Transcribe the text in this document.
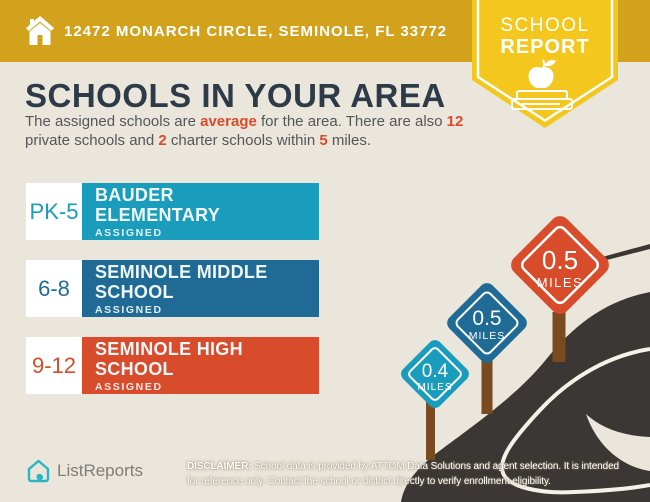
12472 MONARCH CIRCLE, SEMINOLE, FL 33772	SCHOOL
REPORT
SCHOOLS IN YOUR AREA
The assigned schools are average for the area. There are also 12
private schools and 2 charter schools within 5 miles.
PK-5
BAUDER ELEMENTARY
ASSIGNED
6-8
SEMINOLE MIDDLE SCHOOL
ASSIGNED
9-12
SEMINOLE HIGH SCHOOL
ASSIGNED
0.4
MILES
0.5
MILES
0.5
MILES
ListReports	DISCLAIMER: School data is provided by ATTOM Data Solutions and agent selection. It is intended
for reference only. Contact the school or district directly to verify enrollment eligibility.
